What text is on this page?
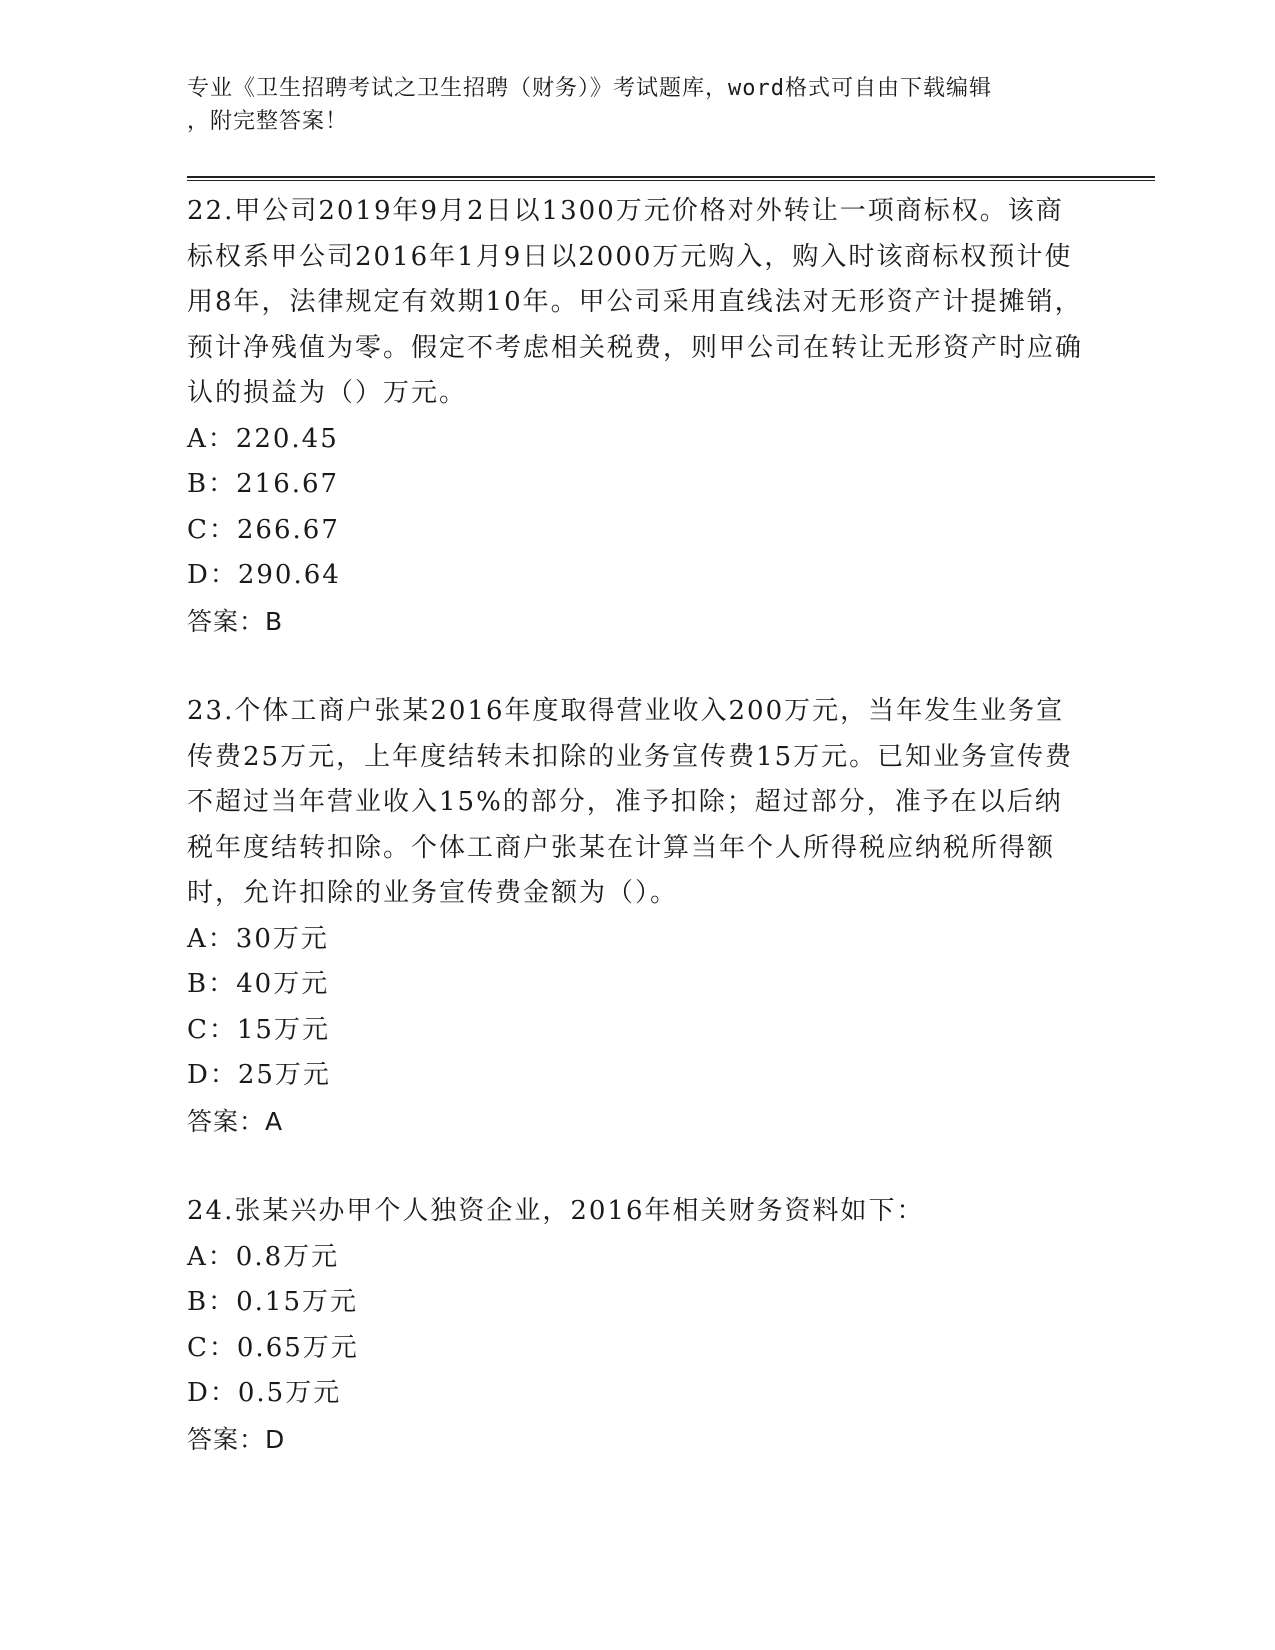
专业《卫生招聘考试之卫生招聘（财务）》考试题库，word格式可自由下载编辑
，附完整答案！

22.甲公司2019年9月2日以1300万元价格对外转让一项商标权。该商标权系甲公司2016年1月9日以2000万元购入，购入时该商标权预计使用8年，法律规定有效期10年。甲公司采用直线法对无形资产计提摊销，预计净残值为零。假定不考虑相关税费，则甲公司在转让无形资产时应确认的损益为（）万元。

A：220.45

B：216.67

C：266.67

D：290.64

答案：B

23.个体工商户张某2016年度取得营业收入200万元，当年发生业务宣传费25万元，上年度结转未扣除的业务宣传费15万元。已知业务宣传费不超过当年营业收入15%的部分，准予扣除；超过部分，准予在以后纳税年度结转扣除。个体工商户张某在计算当年个人所得税应纳税所得额时，允许扣除的业务宣传费金额为（）。

A：30万元

B：40万元

C：15万元

D：25万元

答案：A

24.张某兴办甲个人独资企业，2016年相关财务资料如下：

A：0.8万元

B：0.15万元

C：0.65万元

D：0.5万元

答案：D
